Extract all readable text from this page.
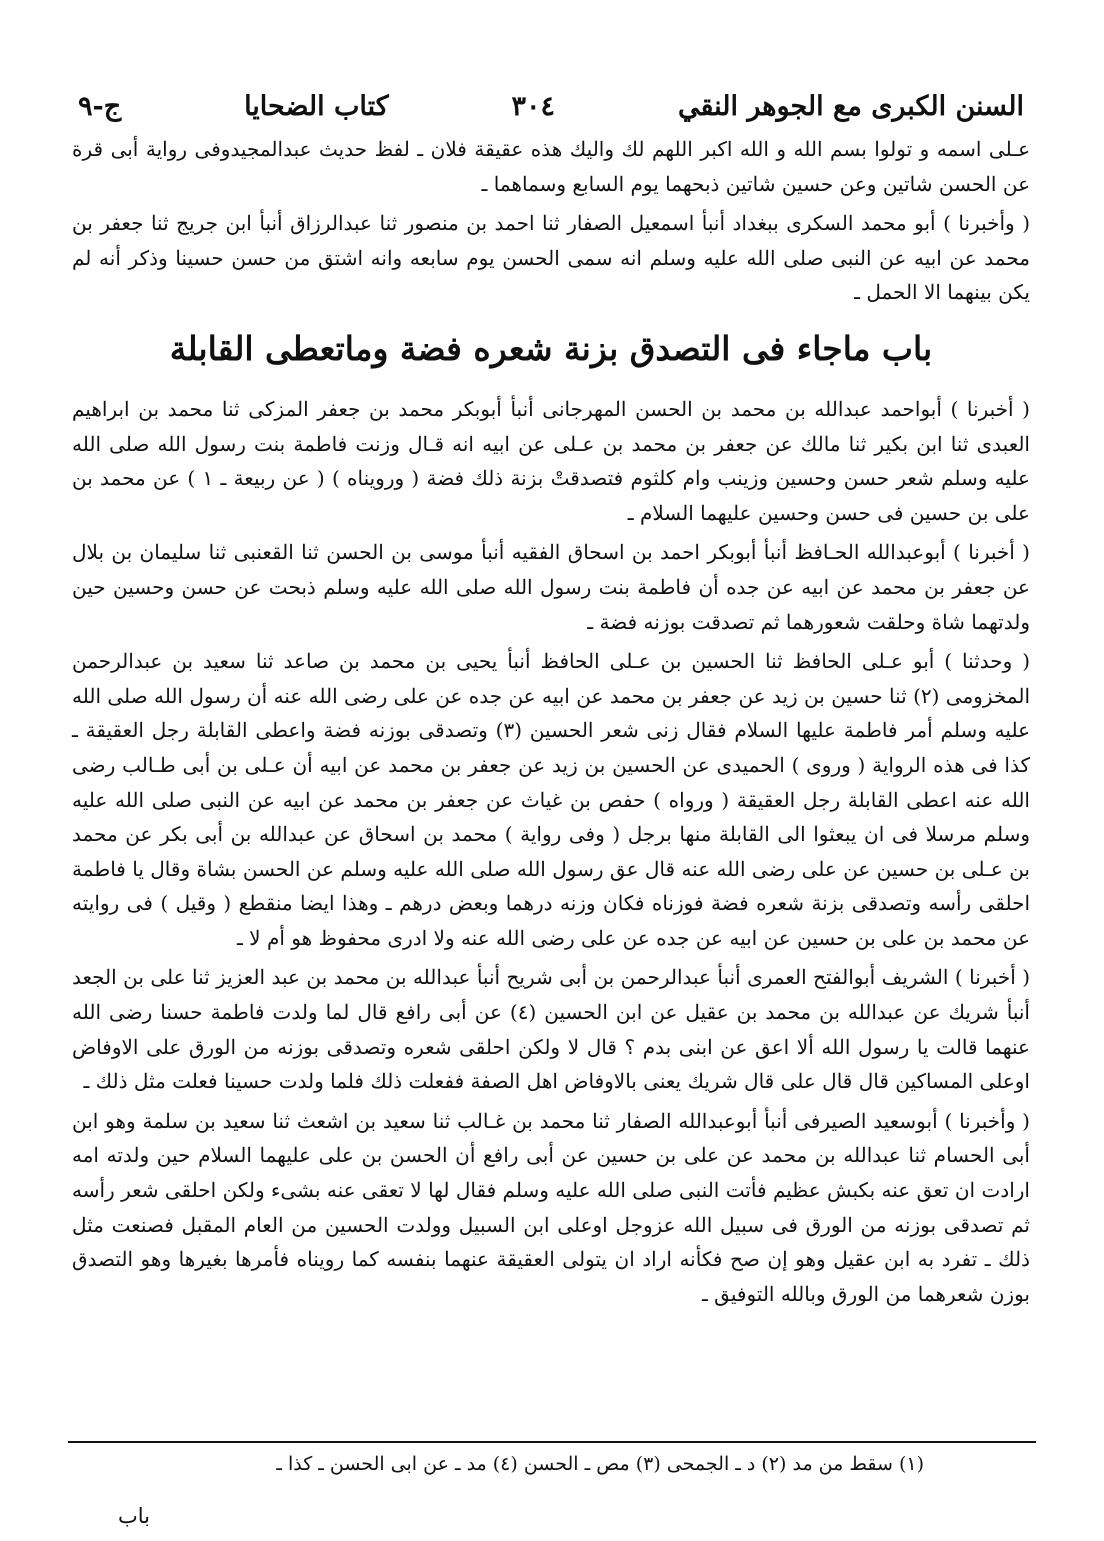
السنن الكبرى مع الجوهر النقي
٣٠٤
كتاب الضحايا
ج-٩

عـلى اسمه و تولوا بسم الله و الله اكبر اللهم لك واليك هذه عقيقة فلان ـ لفظ حديث عبدالمجيدوفى رواية أبى قرة عن الحسن شاتين وعن حسين شاتين ذبحهما يوم السابع وسماهما ـ

( وأخبرنا ) أبو محمد السكرى ببغداد أنبأ اسمعيل الصفار ثنا احمد بن منصور ثنا عبدالرزاق أنبأ ابن جريج ثنا جعفر بن محمد عن ابيه عن النبى صلى الله عليه وسلم انه سمى الحسن يوم سابعه وانه اشتق من حسن حسينا وذكر أنه لم يكن بينهما الا الحمل ـ

باب ماجاء فى التصدق بزنة شعره فضة وماتعطى القابلة

( أخبرنا ) أبواحمد عبدالله بن محمد بن الحسن المهرجانى أنبأ أبوبكر محمد بن جعفر المزكى ثنا محمد بن ابراهيم العبدى ثنا ابن بكير ثنا مالك عن جعفر بن محمد بن عـلى عن ابيه انه قـال وزنت فاطمة بنت رسول الله صلى الله عليه وسلم شعر حسن وحسين وزينب وام كلثوم فتصدقتْ بزنة ذلك فضة ( ورويناه ) ( عن ربيعة ـ ١ ) عن محمد بن على بن حسين فى حسن وحسين عليهما السلام ـ

( أخبرنا ) أبوعبدالله الحـافظ أنبأ أبوبكر احمد بن اسحاق الفقيه أنبأ موسى بن الحسن ثنا القعنبى ثنا سليمان بن بلال عن جعفر بن محمد عن ابيه عن جده أن فاطمة بنت رسول الله صلى الله عليه وسلم ذبحت عن حسن وحسين حين ولدتهما شاة وحلقت شعورهما ثم تصدقت بوزنه فضة ـ

( وحدثنا ) أبو عـلى الحافظ ثنا الحسين بن عـلى الحافظ أنبأ يحيى بن محمد بن صاعد ثنا سعيد بن عبدالرحمن المخزومى (٢) ثنا حسين بن زيد عن جعفر بن محمد عن ابيه عن جده عن على رضى الله عنه أن رسول الله صلى الله عليه وسلم أمر فاطمة عليها السلام فقال زنى شعر الحسين (٣) وتصدقى بوزنه فضة واعطى القابلة رجل العقيقة ـ كذا فى هذه الرواية ( وروى ) الحميدى عن الحسين بن زيد عن جعفر بن محمد عن ابيه أن عـلى بن أبى طـالب رضى الله عنه اعطى القابلة رجل العقيقة ( ورواه ) حفص بن غياث عن جعفر بن محمد عن ابيه عن النبى صلى الله عليه وسلم مرسلا فى ان يبعثوا الى القابلة منها برجل ( وفى رواية ) محمد بن اسحاق عن عبدالله بن أبى بكر عن محمد بن عـلى بن حسين عن على رضى الله عنه قال عق رسول الله صلى الله عليه وسلم عن الحسن بشاة وقال يا فاطمة احلقى رأسه وتصدقى بزنة شعره فضة فوزناه فكان وزنه درهما وبعض درهم ـ وهذا ايضا منقطع ( وقيل ) فى روايته عن محمد بن على بن حسين عن ابيه عن جده عن على رضى الله عنه ولا ادرى محفوظ هو أم لا ـ

( أخبرنا ) الشريف أبوالفتح العمرى أنبأ عبدالرحمن بن أبى شريح أنبأ عبدالله بن محمد بن عبد العزيز ثنا على بن الجعد أنبأ شريك عن عبدالله بن محمد بن عقيل عن ابن الحسين (٤) عن أبى رافع قال لما ولدت فاطمة حسنا رضى الله عنهما قالت يا رسول الله ألا اعق عن ابنى بدم ؟ قال لا ولكن احلقى شعره وتصدقى بوزنه من الورق على الاوفاض اوعلى المساكين قال قال على قال شريك يعنى بالاوفاض اهل الصفة ففعلت ذلك فلما ولدت حسينا فعلت مثل ذلك ـ

( وأخبرنا ) أبوسعيد الصيرفى أنبأ أبوعبدالله الصفار ثنا محمد بن غـالب ثنا سعيد بن اشعث ثنا سعيد بن سلمة وهو ابن أبى الحسام ثنا عبدالله بن محمد عن على بن حسين عن أبى رافع أن الحسن بن على عليهما السلام حين ولدته امه ارادت ان تعق عنه بكبش عظيم فأتت النبى صلى الله عليه وسلم فقال لها لا تعقى عنه بشىء ولكن احلقى شعر رأسه ثم تصدقى بوزنه من الورق فى سبيل الله عزوجل اوعلى ابن السبيل وولدت الحسين من العام المقبل فصنعت مثل ذلك ـ تفرد به ابن عقيل وهو إن صح فكأنه اراد ان يتولى العقيقة عنهما بنفسه كما رويناه فأمرها بغيرها وهو التصدق بوزن شعرهما من الورق وبالله التوفيق ـ

(١) سقط من مد (٢) د ـ الجمحى (٣) مص ـ الحسن (٤) مد ـ عن ابى الحسن ـ كذا ـ
باب
